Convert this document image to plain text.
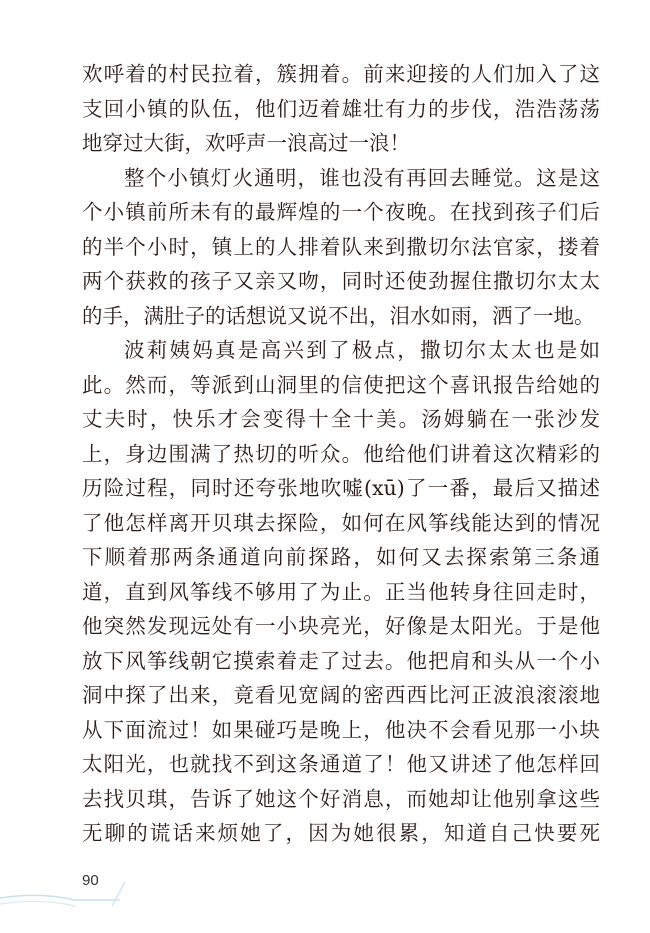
欢呼着的村民拉着，簇拥着。前来迎接的人们加入了这
支回小镇的队伍，他们迈着雄壮有力的步伐，浩浩荡荡
地穿过大街，欢呼声一浪高过一浪！
整个小镇灯火通明，谁也没有再回去睡觉。这是这
个小镇前所未有的最辉煌的一个夜晚。在找到孩子们后
的半个小时，镇上的人排着队来到撒切尔法官家，搂着
两个获救的孩子又亲又吻，同时还使劲握住撒切尔太太
的手，满肚子的话想说又说不出，泪水如雨，洒了一地。
波莉姨妈真是高兴到了极点，撒切尔太太也是如
此。然而，等派到山洞里的信使把这个喜讯报告给她的
丈夫时，快乐才会变得十全十美。汤姆躺在一张沙发
上，身边围满了热切的听众。他给他们讲着这次精彩的
历险过程，同时还夸张地吹嘘(xū)了一番，最后又描述
了他怎样离开贝琪去探险，如何在风筝线能达到的情况
下顺着那两条通道向前探路，如何又去探索第三条通
道，直到风筝线不够用了为止。正当他转身往回走时，
他突然发现远处有一小块亮光，好像是太阳光。于是他
放下风筝线朝它摸索着走了过去。他把肩和头从一个小
洞中探了出来，竟看见宽阔的密西西比河正波浪滚滚地
从下面流过！如果碰巧是晚上，他决不会看见那一小块
太阳光，也就找不到这条通道了！他又讲述了他怎样回
去找贝琪，告诉了她这个好消息，而她却让他别拿这些
无聊的谎话来烦她了，因为她很累，知道自己快要死
90
